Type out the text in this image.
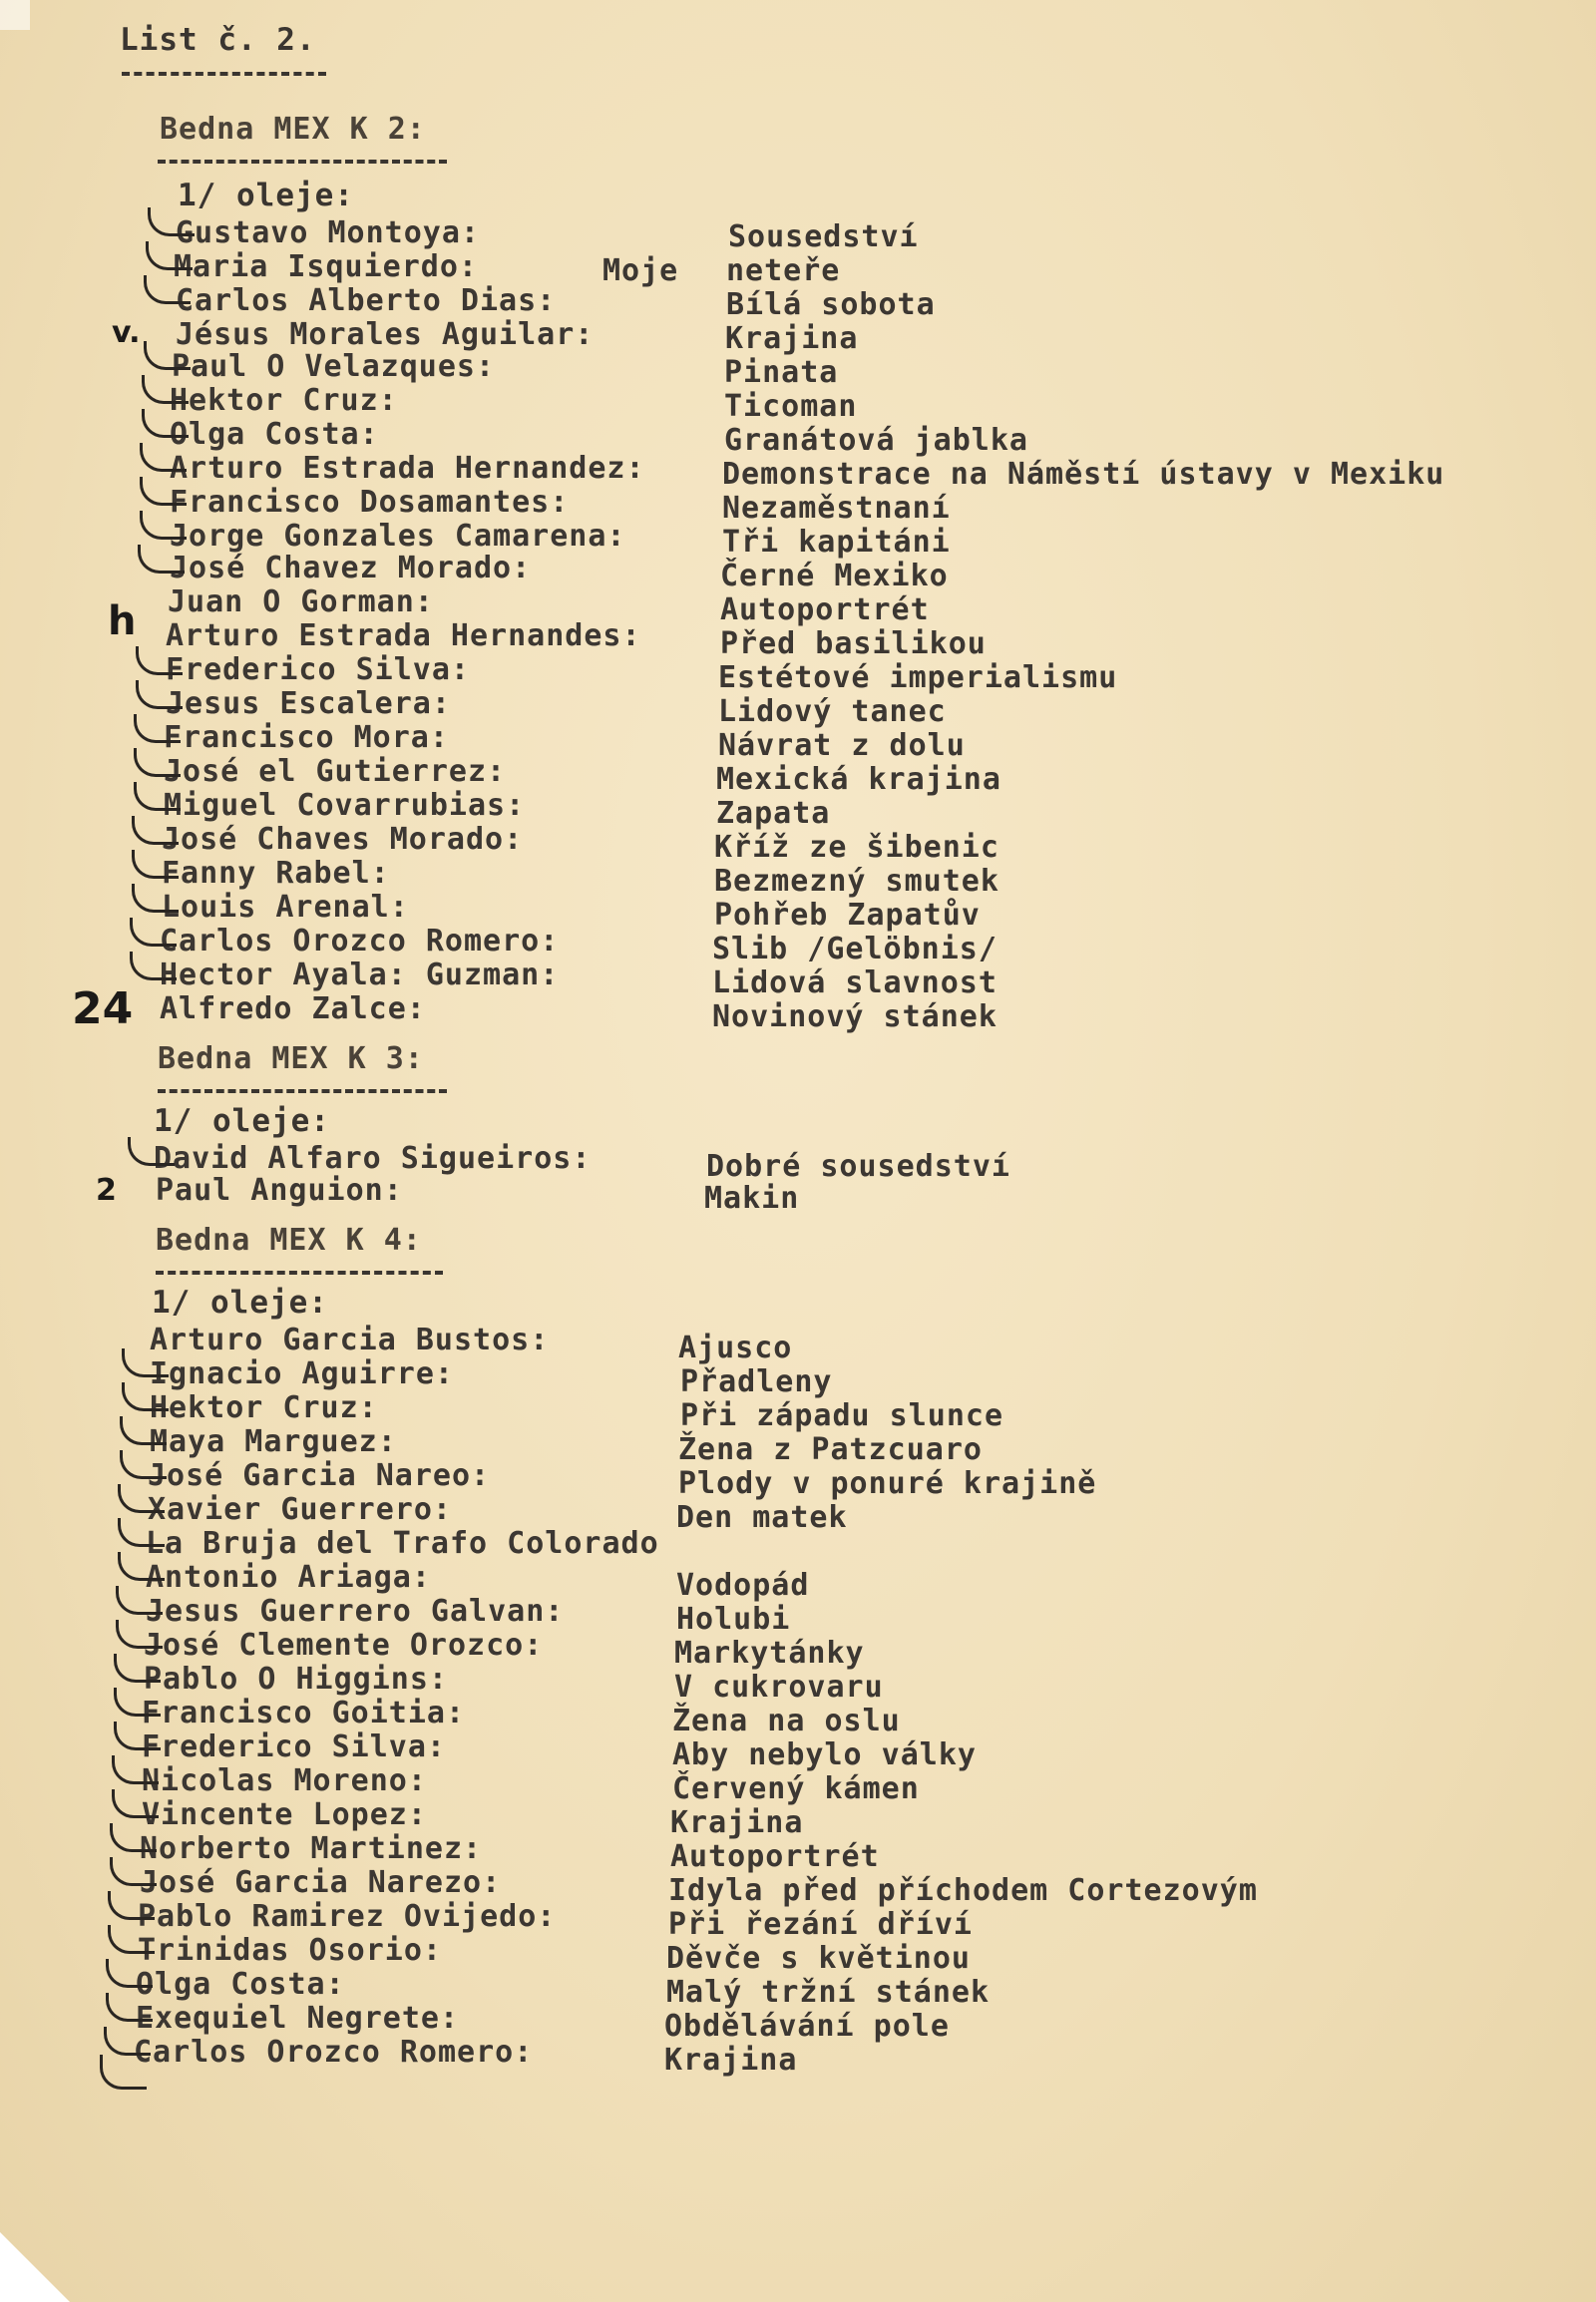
List č. 2.
Bedna MEX K 2:
1/ oleje:
Gustavo Montoya:	Sousedství
Maria Isquierdo:	Moje neteře
Carlos Alberto Dias:	Bílá sobota
Jésus Morales Aguilar:	Krajina
Paul O Velazques:	Pinata
Hektor Cruz:	Ticoman
Olga Costa:	Granátová jablka
Arturo Estrada Hernandez:	Demonstrace na Náměstí ústavy v Mexiku
Francisco Dosamantes:	Nezaměstnaní
Jorge Gonzales Camarena:	Tři kapitáni
José Chavez Morado:	Černé Mexiko
Juan O Gorman:	Autoportrét
Arturo Estrada Hernandes:	Před basilikou
Frederico Silva:	Estétové imperialismu
Jesus Escalera:	Lidový tanec
Francisco Mora:	Návrat z dolu
José el Gutierrez:	Mexická krajina
Miguel Covarrubias:	Zapata
José Chaves Morado:	Kříž ze šibenic
Fanny Rabel:	Bezmezný smutek
Louis Arenal:	Pohřeb Zapatův
Carlos Orozco Romero:	Slib /Gelöbnis/
Hector Ayala: Guzman:	Lidová slavnost
Alfredo Zalce:	Novinový stánek
Bedna MEX K 3:
1/ oleje:
David Alfaro Sigueiros:	Dobré sousedství
Paul Anguion:	Makin
Bedna MEX K 4:
1/ oleje:
Arturo Garcia Bustos:	Ajusco
Ignacio Aguirre:	Přadleny
Hektor Cruz:	Při západu slunce
Maya Marguez:	Žena z Patzcuaro
José Garcia Nareo:	Plody v ponuré krajině
Xavier Guerrero:	Den matek
La Bruja del Trafo Colorado
Antonio Ariaga:	Vodopád
Jesus Guerrero Galvan:	Holubi
José Clemente Orozco:	Markytánky
Pablo O Higgins:	V cukrovaru
Francisco Goitia:	Žena na oslu
Frederico Silva:	Aby nebylo války
Nicolas Moreno:	Červený kámen
Vincente Lopez:	Krajina
Norberto Martinez:	Autoportrét
José Garcia Narezo:	Idyla před příchodem Cortezovým
Pablo Ramirez Ovijedo:	Při řezání dříví
Trinidas Osorio:	Děvče s květinou
Olga Costa:	Malý tržní stánek
Exequiel Negrete:	Obdělávání pole
Carlos Orozco Romero:	Krajina
v.
h
24
2
